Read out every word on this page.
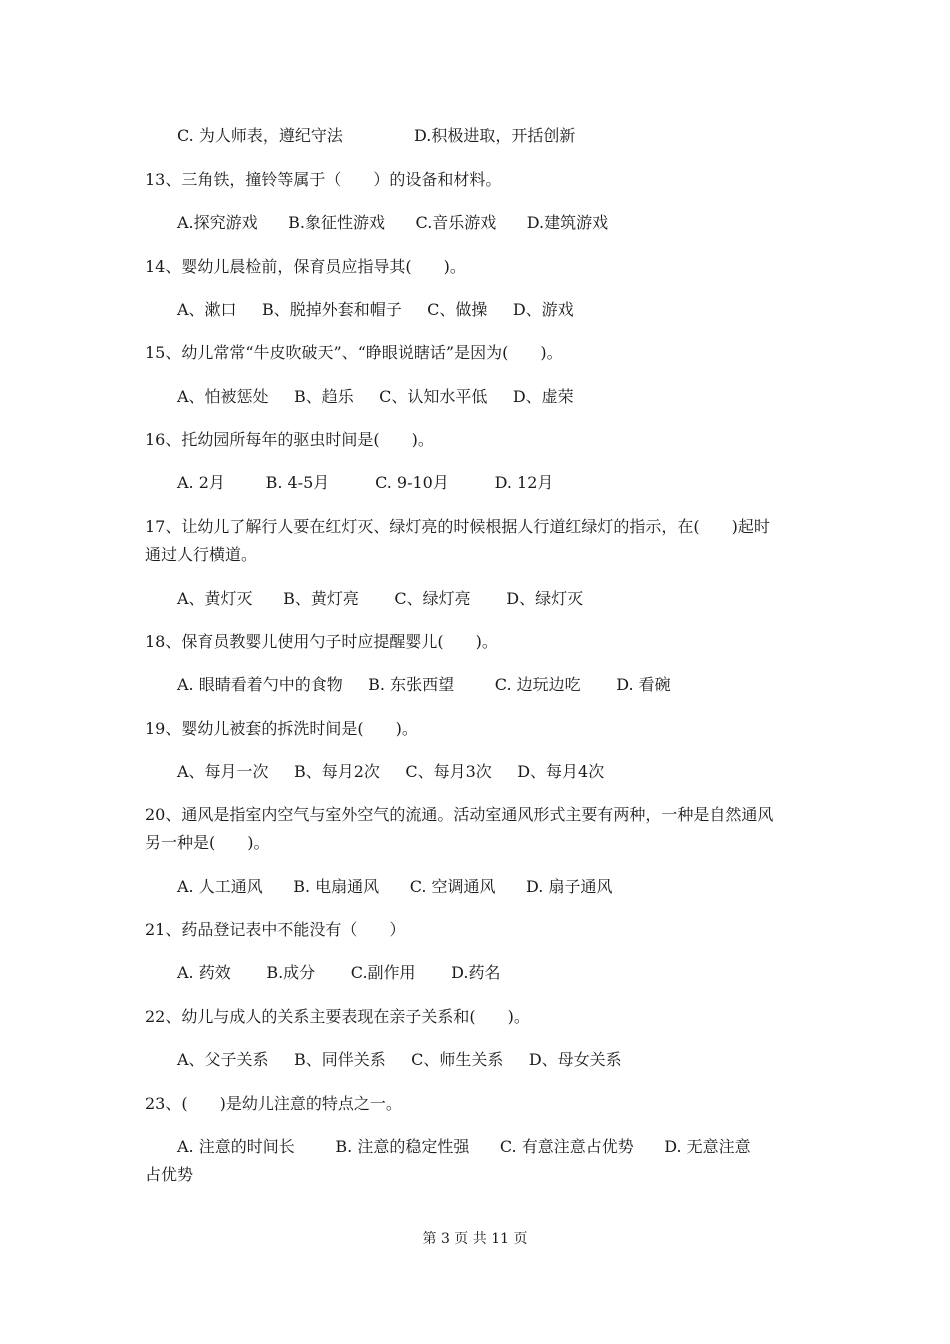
C. 为人师表，遵纪守法              D.积极进取，开括创新
13、三角铁，撞铃等属于（　　）的设备和材料。
A.探究游戏      B.象征性游戏      C.音乐游戏      D.建筑游戏
14、婴幼儿晨检前，保育员应指导其(　　)。
A、漱口     B、脱掉外套和帽子     C、做操     D、游戏
15、幼儿常常“牛皮吹破天”、“睁眼说瞎话”是因为(　　)。
A、怕被惩处     B、趋乐     C、认知水平低     D、虚荣
16、托幼园所每年的驱虫时间是(　　)。
A. 2月        B. 4-5月         C. 9-10月         D. 12月
17、让幼儿了解行人要在红灯灭、绿灯亮的时候根据人行道红绿灯的指示，在(　　)起时
通过人行横道。
A、黄灯灭      B、黄灯亮       C、绿灯亮       D、绿灯灭
18、保育员教婴儿使用勺子时应提醒婴儿(　　)。
A. 眼睛看着勺中的食物     B. 东张西望        C. 边玩边吃       D. 看碗
19、婴幼儿被套的拆洗时间是(　　)。
A、每月一次     B、每月2次     C、每月3次     D、每月4次
20、通风是指室内空气与室外空气的流通。活动室通风形式主要有两种，一种是自然通风
另一种是(　　)。
A. 人工通风      B. 电扇通风      C. 空调通风      D. 扇子通风
21、药品登记表中不能没有（　　）
A. 药效       B.成分       C.副作用       D.药名
22、幼儿与成人的关系主要表现在亲子关系和(　　)。
A、父子关系     B、同伴关系     C、师生关系     D、母女关系
23、(　　)是幼儿注意的特点之一。
A. 注意的时间长        B. 注意的稳定性强      C. 有意注意占优势      D. 无意注意
占优势
第 3 页 共 11 页
